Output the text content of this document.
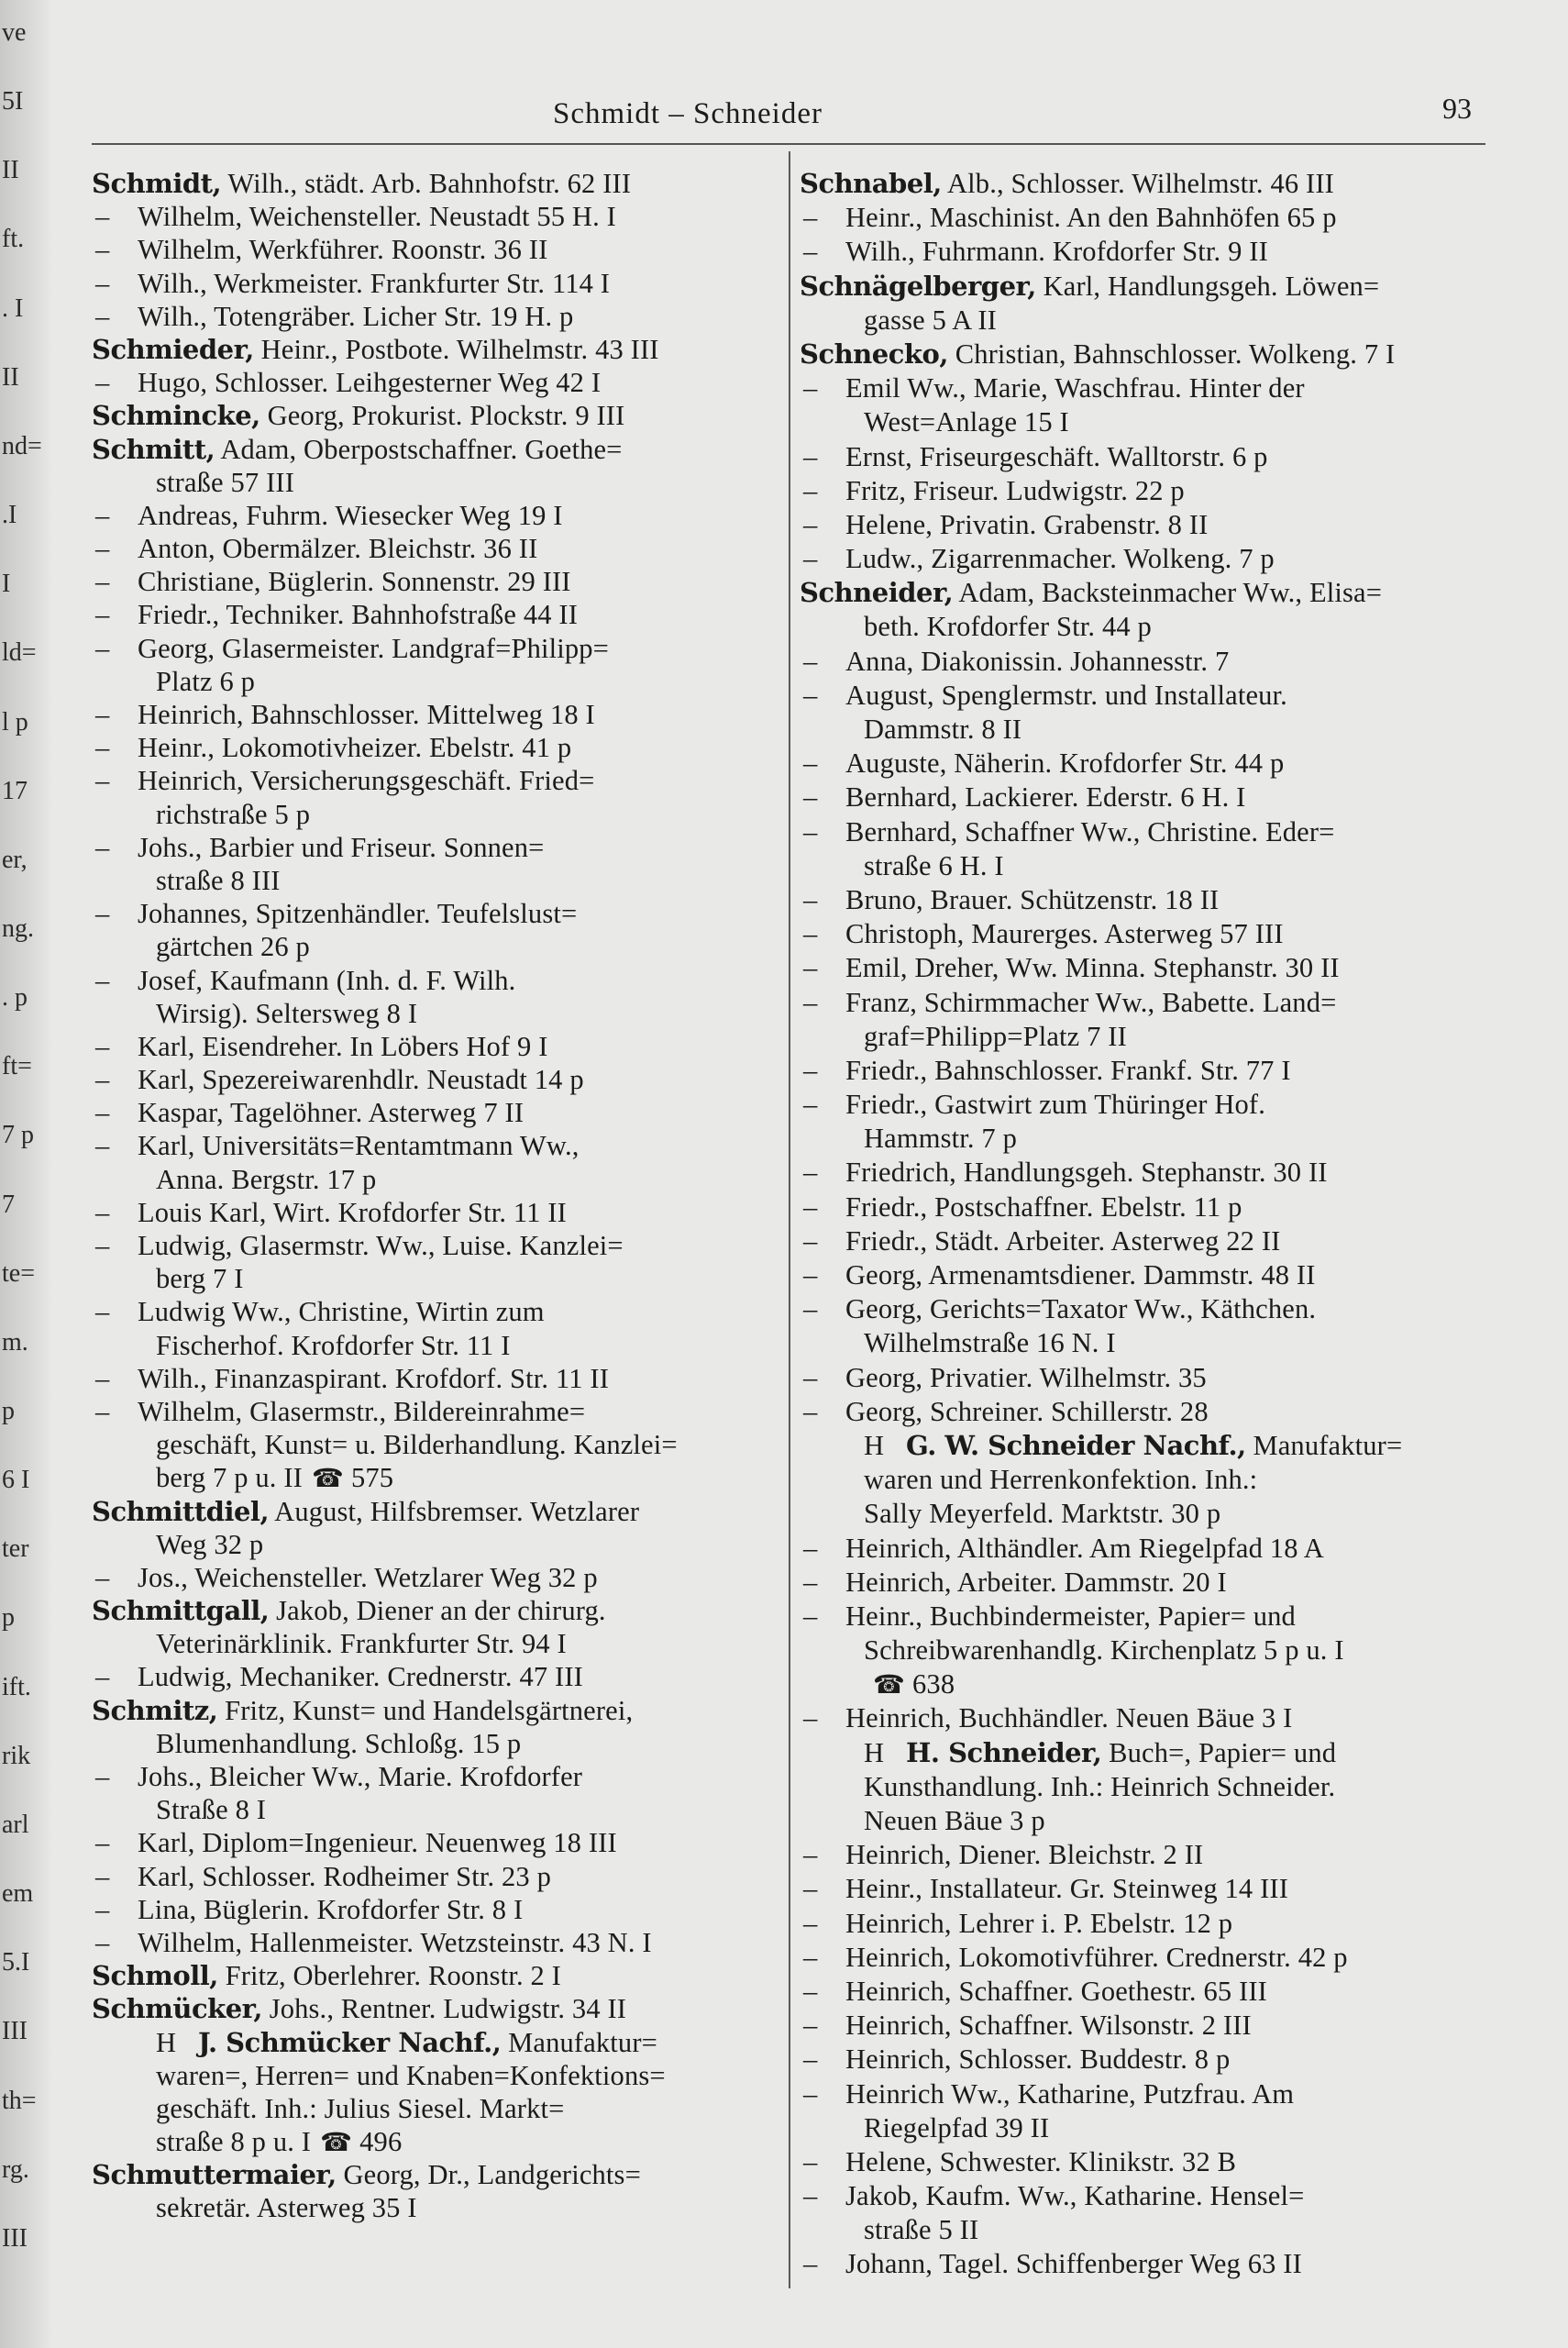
ve
5I
II
ft.
. I
II
nd=
.I
I
ld=
l p
17
er,
ng.
. p
ft=
7 p
7
te=
m.
p
6 I
ter
p
ift.
rik
arl
em
5.I
III
th=
rg.
III
Schmidt – Schneider	93
Schmidt, Wilh., städt. Arb. Bahnhofstr. 62 III
– Wilhelm, Weichensteller. Neustadt 55 H. I
– Wilhelm, Werkführer. Roonstr. 36 II
– Wilh., Werkmeister. Frankfurter Str. 114 I
– Wilh., Totengräber. Licher Str. 19 H. p
Schmieder, Heinr., Postbote. Wilhelmstr. 43 III
– Hugo, Schlosser. Leihgesterner Weg 42 I
Schmincke, Georg, Prokurist. Plockstr. 9 III
Schmitt, Adam, Oberpostschaffner. Goethe=
straße 57 III
– Andreas, Fuhrm. Wiesecker Weg 19 I
– Anton, Obermälzer. Bleichstr. 36 II
– Christiane, Büglerin. Sonnenstr. 29 III
– Friedr., Techniker. Bahnhofstraße 44 II
– Georg, Glasermeister. Landgraf=Philipp=
Platz 6 p
– Heinrich, Bahnschlosser. Mittelweg 18 I
– Heinr., Lokomotivheizer. Ebelstr. 41 p
– Heinrich, Versicherungsgeschäft. Fried=
richstraße 5 p
– Johs., Barbier und Friseur. Sonnen=
straße 8 III
– Johannes, Spitzenhändler. Teufelslust=
gärtchen 26 p
– Josef, Kaufmann (Inh. d. F. Wilh.
Wirsig). Seltersweg 8 I
– Karl, Eisendreher. In Löbers Hof 9 I
– Karl, Spezereiwarenhdlr. Neustadt 14 p
– Kaspar, Tagelöhner. Asterweg 7 II
– Karl, Universitäts=Rentamtmann Ww.,
Anna. Bergstr. 17 p
– Louis Karl, Wirt. Krofdorfer Str. 11 II
– Ludwig, Glasermstr. Ww., Luise. Kanzlei=
berg 7 I
– Ludwig Ww., Christine, Wirtin zum
Fischerhof. Krofdorfer Str. 11 I
– Wilh., Finanzaspirant. Krofdorf. Str. 11 II
– Wilhelm, Glasermstr., Bildereinrahme=
geschäft, Kunst= u. Bilderhandlung. Kanzlei=
berg 7 p u. II ☎ 575
Schmittdiel, August, Hilfsbremser. Wetzlarer
Weg 32 p
– Jos., Weichensteller. Wetzlarer Weg 32 p
Schmittgall, Jakob, Diener an der chirurg.
Veterinärklinik. Frankfurter Str. 94 I
– Ludwig, Mechaniker. Crednerstr. 47 III
Schmitz, Fritz, Kunst= und Handelsgärtnerei,
Blumenhandlung. Schloßg. 15 p
– Johs., Bleicher Ww., Marie. Krofdorfer
Straße 8 I
– Karl, Diplom=Ingenieur. Neuenweg 18 III
– Karl, Schlosser. Rodheimer Str. 23 p
– Lina, Büglerin. Krofdorfer Str. 8 I
– Wilhelm, Hallenmeister. Wetzsteinstr. 43 N. I
Schmoll, Fritz, Oberlehrer. Roonstr. 2 I
Schmücker, Johs., Rentner. Ludwigstr. 34 II
H J. Schmücker Nachf., Manufaktur=
waren=, Herren= und Knaben=Konfektions=
geschäft. Inh.: Julius Siesel. Markt=
straße 8 p u. I ☎ 496
Schmuttermaier, Georg, Dr., Landgerichts=
sekretär. Asterweg 35 I
Schnabel, Alb., Schlosser. Wilhelmstr. 46 III
– Heinr., Maschinist. An den Bahnhöfen 65 p
– Wilh., Fuhrmann. Krofdorfer Str. 9 II
Schnägelberger, Karl, Handlungsgeh. Löwen=
gasse 5 A II
Schnecko, Christian, Bahnschlosser. Wolkeng. 7 I
– Emil Ww., Marie, Waschfrau. Hinter der
West=Anlage 15 I
– Ernst, Friseurgeschäft. Walltorstr. 6 p
– Fritz, Friseur. Ludwigstr. 22 p
– Helene, Privatin. Grabenstr. 8 II
– Ludw., Zigarrenmacher. Wolkeng. 7 p
Schneider, Adam, Backsteinmacher Ww., Elisa=
beth. Krofdorfer Str. 44 p
– Anna, Diakonissin. Johannesstr. 7
– August, Spenglermstr. und Installateur.
Dammstr. 8 II
– Auguste, Näherin. Krofdorfer Str. 44 p
– Bernhard, Lackierer. Ederstr. 6 H. I
– Bernhard, Schaffner Ww., Christine. Eder=
straße 6 H. I
– Bruno, Brauer. Schützenstr. 18 II
– Christoph, Maurerges. Asterweg 57 III
– Emil, Dreher, Ww. Minna. Stephanstr. 30 II
– Franz, Schirmmacher Ww., Babette. Land=
graf=Philipp=Platz 7 II
– Friedr., Bahnschlosser. Frankf. Str. 77 I
– Friedr., Gastwirt zum Thüringer Hof.
Hammstr. 7 p
– Friedrich, Handlungsgeh. Stephanstr. 30 II
– Friedr., Postschaffner. Ebelstr. 11 p
– Friedr., Städt. Arbeiter. Asterweg 22 II
– Georg, Armenamtsdiener. Dammstr. 48 II
– Georg, Gerichts=Taxator Ww., Käthchen.
Wilhelmstraße 16 N. I
– Georg, Privatier. Wilhelmstr. 35
– Georg, Schreiner. Schillerstr. 28
H G. W. Schneider Nachf., Manufaktur=
waren und Herrenkonfektion. Inh.:
Sally Meyerfeld. Marktstr. 30 p
– Heinrich, Althändler. Am Riegelpfad 18 A
– Heinrich, Arbeiter. Dammstr. 20 I
– Heinr., Buchbindermeister, Papier= und
Schreibwarenhandlg. Kirchenplatz 5 p u. I
☎ 638
– Heinrich, Buchhändler. Neuen Bäue 3 I
H H. Schneider, Buch=, Papier= und
Kunsthandlung. Inh.: Heinrich Schneider.
Neuen Bäue 3 p
– Heinrich, Diener. Bleichstr. 2 II
– Heinr., Installateur. Gr. Steinweg 14 III
– Heinrich, Lehrer i. P. Ebelstr. 12 p
– Heinrich, Lokomotivführer. Crednerstr. 42 p
– Heinrich, Schaffner. Goethestr. 65 III
– Heinrich, Schaffner. Wilsonstr. 2 III
– Heinrich, Schlosser. Buddestr. 8 p
– Heinrich Ww., Katharine, Putzfrau. Am
Riegelpfad 39 II
– Helene, Schwester. Klinikstr. 32 B
– Jakob, Kaufm. Ww., Katharine. Hensel=
straße 5 II
– Johann, Tagel. Schiffenberger Weg 63 II
